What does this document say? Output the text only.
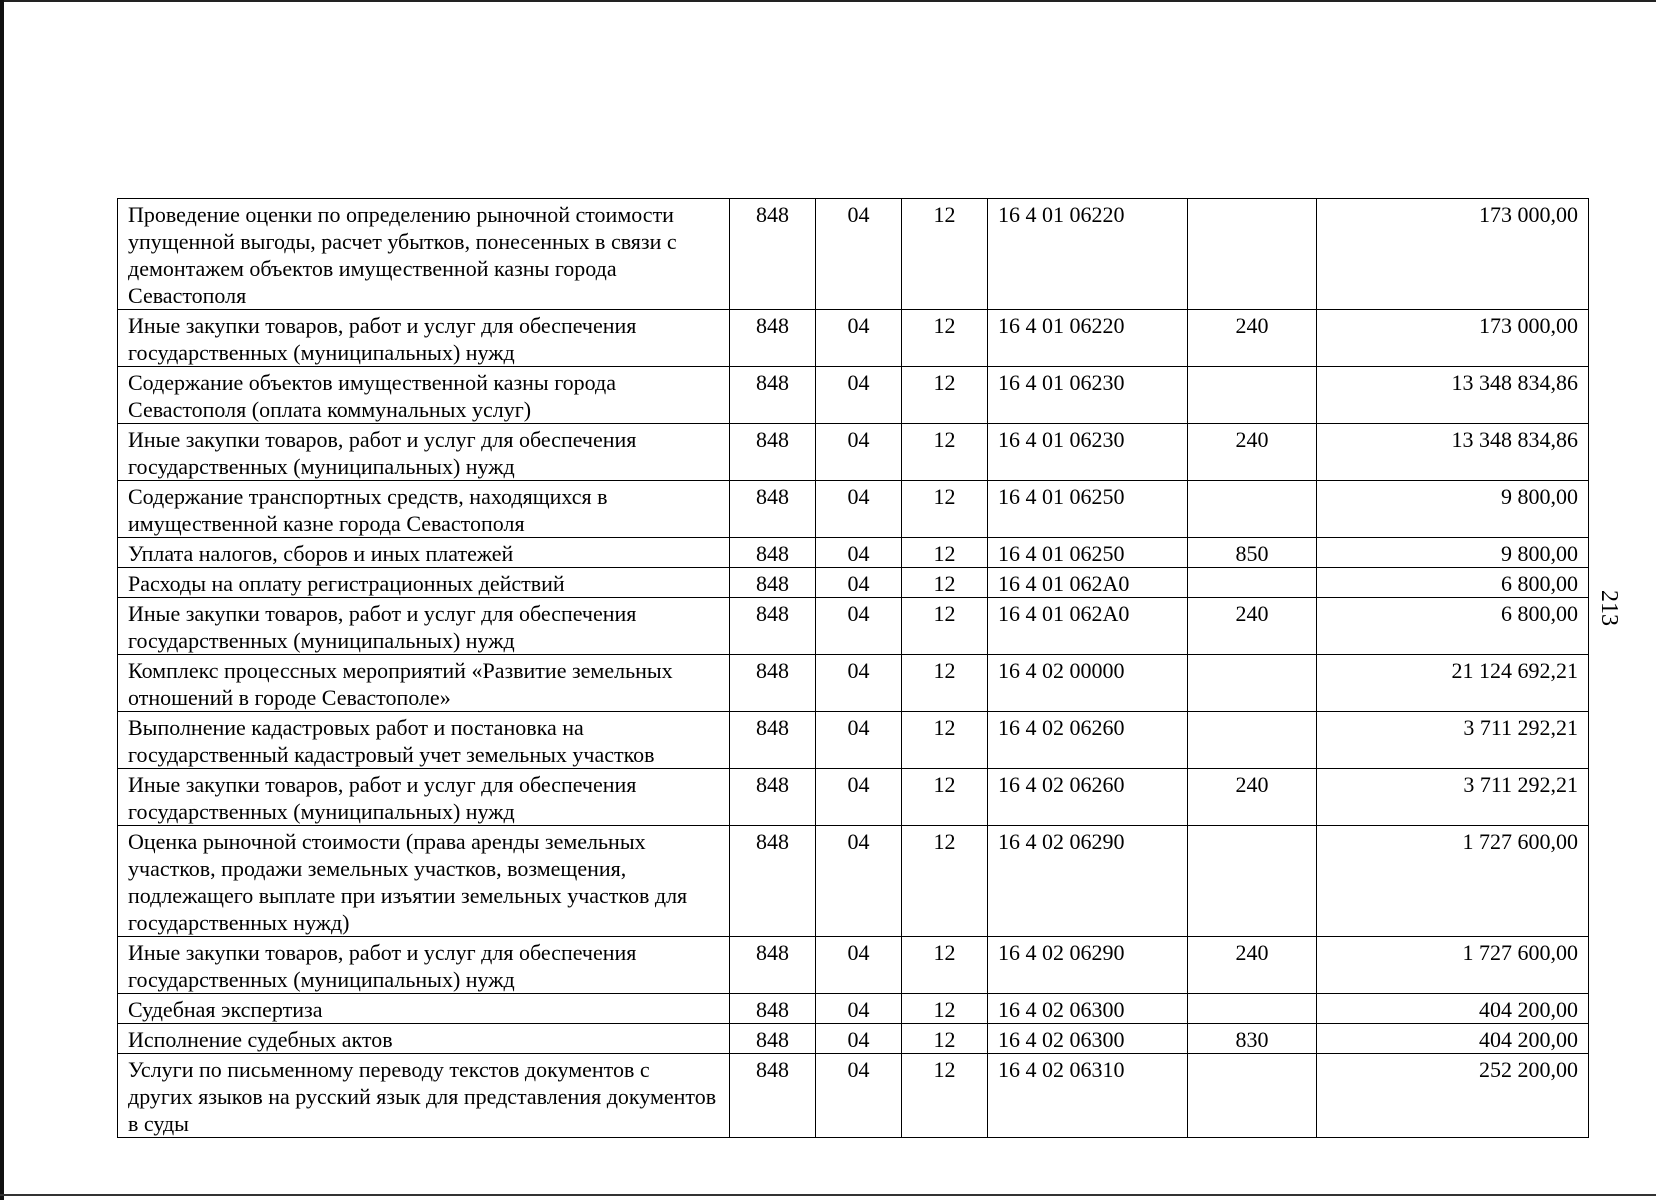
Проведение оценки по определению рыночной стоимости упущенной выгоды, расчет убытков, понесенных в связи с демонтажем объектов имущественной казны города Севастополя	848	04	12	16 4 01 06220		173 000,00
Иные закупки товаров, работ и услуг для обеспечения государственных (муниципальных) нужд	848	04	12	16 4 01 06220	240	173 000,00
Содержание объектов имущественной казны города Севастополя (оплата коммунальных услуг)	848	04	12	16 4 01 06230		13 348 834,86
Иные закупки товаров, работ и услуг для обеспечения государственных (муниципальных) нужд	848	04	12	16 4 01 06230	240	13 348 834,86
Содержание транспортных средств, находящихся в имущественной казне города Севастополя	848	04	12	16 4 01 06250		9 800,00
Уплата налогов, сборов и иных платежей	848	04	12	16 4 01 06250	850	9 800,00
Расходы на оплату регистрационных действий	848	04	12	16 4 01 062А0		6 800,00
Иные закупки товаров, работ и услуг для обеспечения государственных (муниципальных) нужд	848	04	12	16 4 01 062А0	240	6 800,00
Комплекс процессных мероприятий «Развитие земельных отношений в городе Севастополе»	848	04	12	16 4 02 00000		21 124 692,21
Выполнение кадастровых работ и постановка на государственный кадастровый учет земельных участков	848	04	12	16 4 02 06260		3 711 292,21
Иные закупки товаров, работ и услуг для обеспечения государственных (муниципальных) нужд	848	04	12	16 4 02 06260	240	3 711 292,21
Оценка рыночной стоимости (права аренды земельных участков, продажи земельных участков, возмещения, подлежащего выплате при изъятии земельных участков для государственных нужд)	848	04	12	16 4 02 06290		1 727 600,00
Иные закупки товаров, работ и услуг для обеспечения государственных (муниципальных) нужд	848	04	12	16 4 02 06290	240	1 727 600,00
Судебная экспертиза	848	04	12	16 4 02 06300		404 200,00
Исполнение судебных актов	848	04	12	16 4 02 06300	830	404 200,00
Услуги по письменному переводу текстов документов с других языков на русский язык для представления документов в суды	848	04	12	16 4 02 06310		252 200,00
213
